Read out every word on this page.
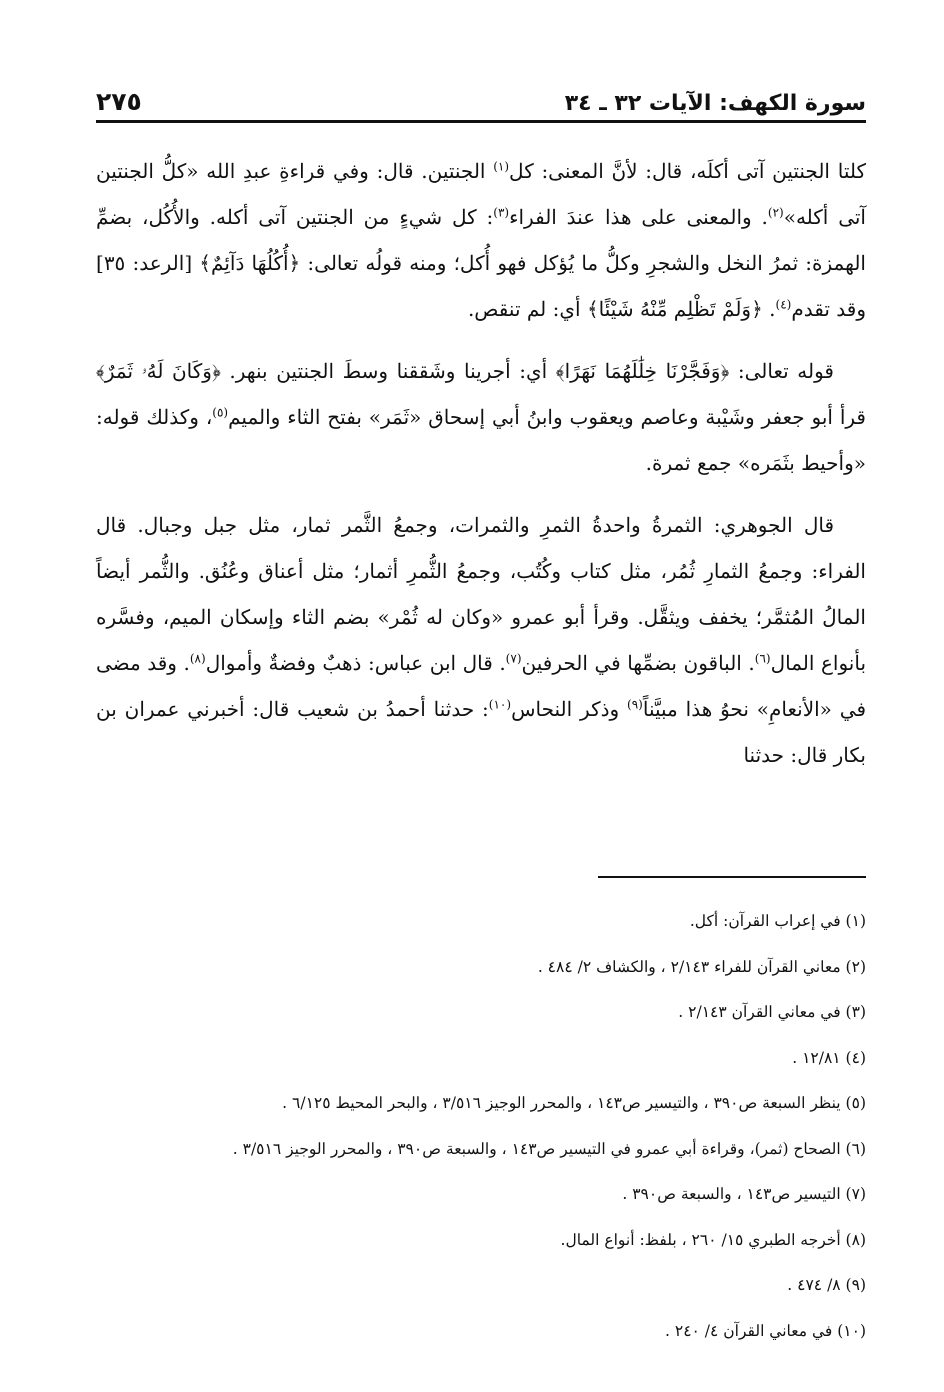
سورة الكهف: الآيات ٣٢ ـ ٣٤
٢٧٥

كلتا الجنتين آتى أكلَه، قال: لأنَّ المعنى: كل$^{(١)}$ الجنتين. قال: وفي قراءةِ عبدِ الله «كلُّ الجنتين آتى أكله»$^{(٢)}$. والمعنى على هذا عندَ الفراء$^{(٣)}$: كل شيءٍ من الجنتين آتى أكله. والأُكُل، بضمِّ الهمزة: ثمرُ النخل والشجرِ وكلُّ ما يُؤكل فهو أُكل؛ ومنه قولُه تعالى: ﴿أُكُلُهَا دَآئِمٌ﴾ [الرعد: ٣٥] وقد تقدم$^{(٤)}$. ﴿وَلَمْ تَظْلِم مِّنْهُ شَيْئًا﴾ أي: لم تنقص.

قوله تعالى: ﴿وَفَجَّرْنَا خِلَٰلَهُمَا نَهَرًا﴾ أي: أجرينا وشَققنا وسطَ الجنتين بنهر. ﴿وَكَانَ لَهُۥ ثَمَرٌ﴾ قرأ أبو جعفر وشَيْبة وعاصم ويعقوب وابنُ أبي إسحاق «ثَمَر» بفتح الثاء والميم$^{(٥)}$، وكذلك قوله: «وأحيط بثَمَره» جمع ثمرة.

قال الجوهري: الثمرةُ واحدةُ الثمرِ والثمرات، وجمعُ الثَّمر ثمار، مثل جبل وجبال. قال الفراء: وجمعُ الثمارِ ثُمُر، مثل كتاب وكُتُب، وجمعُ الثُّمرِ أثمار؛ مثل أعناق وعُنُق. والثُّمر أيضاً المالُ المُثمَّر؛ يخفف ويثقَّل. وقرأ أبو عمرو «وكان له ثُمْر» بضم الثاء وإسكان الميم، وفسَّره بأنواع المال$^{(٦)}$. الباقون بضمِّها في الحرفين$^{(٧)}$. قال ابن عباس: ذهبٌ وفضةٌ وأموال$^{(٨)}$. وقد مضى في «الأنعامِ» نحوُ هذا مبيَّناً$^{(٩)}$ وذكر النحاس$^{(١٠)}$: حدثنا أحمدُ بن شعيب قال: أخبرني عمران بن بكار قال: حدثنا

(١) في إعراب القرآن: أكل.
(٢) معاني القرآن للفراء ٢/١٤٣ ، والكشاف ٢/ ٤٨٤ .
(٣) في معاني القرآن ٢/١٤٣ .
(٤) ١٢/٨١ .
(٥) ينظر السبعة ص٣٩٠ ، والتيسير ص١٤٣ ، والمحرر الوجيز ٣/٥١٦ ، والبحر المحيط ٦/١٢٥ .
(٦) الصحاح (ثمر)، وقراءة أبي عمرو في التيسير ص١٤٣ ، والسبعة ص٣٩٠ ، والمحرر الوجيز ٣/٥١٦ .
(٧) التيسير ص١٤٣ ، والسبعة ص٣٩٠ .
(٨) أخرجه الطبري ١٥/ ٢٦٠ ، بلفظ: أنواع المال.
(٩) ٨/ ٤٧٤ .
(١٠) في معاني القرآن ٤/ ٢٤٠ .
